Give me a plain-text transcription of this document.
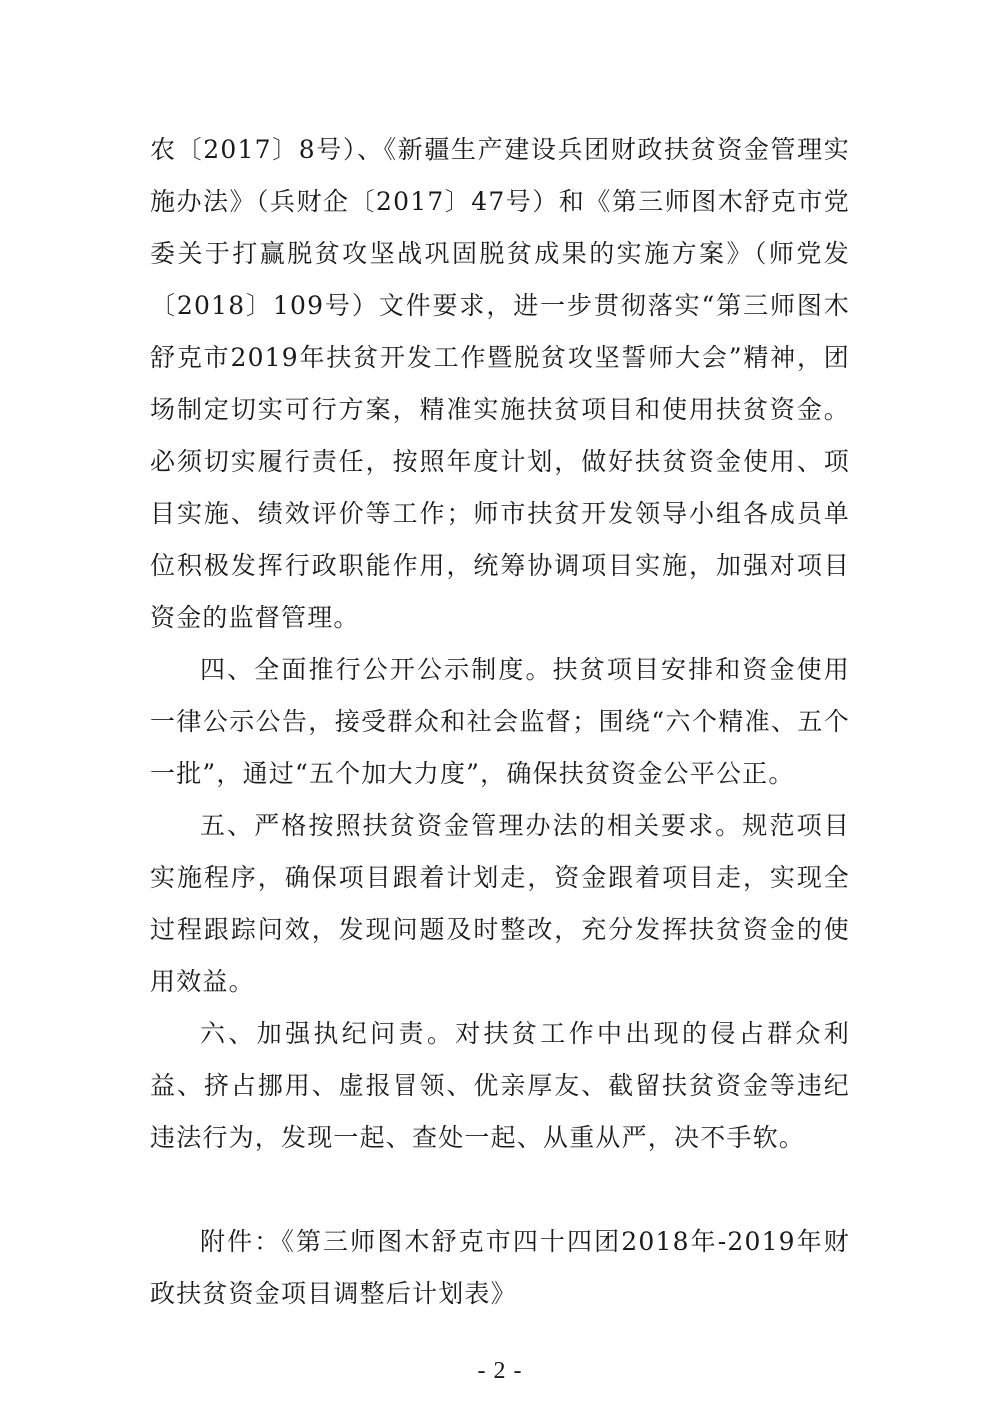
农〔2017〕8号）、《新疆生产建设兵团财政扶贫资金管理实施办法》（兵财企〔2017〕47号）和《第三师图木舒克市党委关于打赢脱贫攻坚战巩固脱贫成果的实施方案》（师党发〔2018〕109号）文件要求，进一步贯彻落实“第三师图木舒克市2019年扶贫开发工作暨脱贫攻坚誓师大会”精神，团场制定切实可行方案，精准实施扶贫项目和使用扶贫资金。必须切实履行责任，按照年度计划，做好扶贫资金使用、项目实施、绩效评价等工作；师市扶贫开发领导小组各成员单位积极发挥行政职能作用，统筹协调项目实施，加强对项目资金的监督管理。

四、全面推行公开公示制度。扶贫项目安排和资金使用一律公示公告，接受群众和社会监督；围绕“六个精准、五个一批”，通过“五个加大力度”，确保扶贫资金公平公正。

五、严格按照扶贫资金管理办法的相关要求。规范项目实施程序，确保项目跟着计划走，资金跟着项目走，实现全过程跟踪问效，发现问题及时整改，充分发挥扶贫资金的使用效益。

六、加强执纪问责。对扶贫工作中出现的侵占群众利益、挤占挪用、虚报冒领、优亲厚友、截留扶贫资金等违纪违法行为，发现一起、查处一起、从重从严，决不手软。

附件：《第三师图木舒克市四十四团2018年-2019年财政扶贫资金项目调整后计划表》

- 2 -
